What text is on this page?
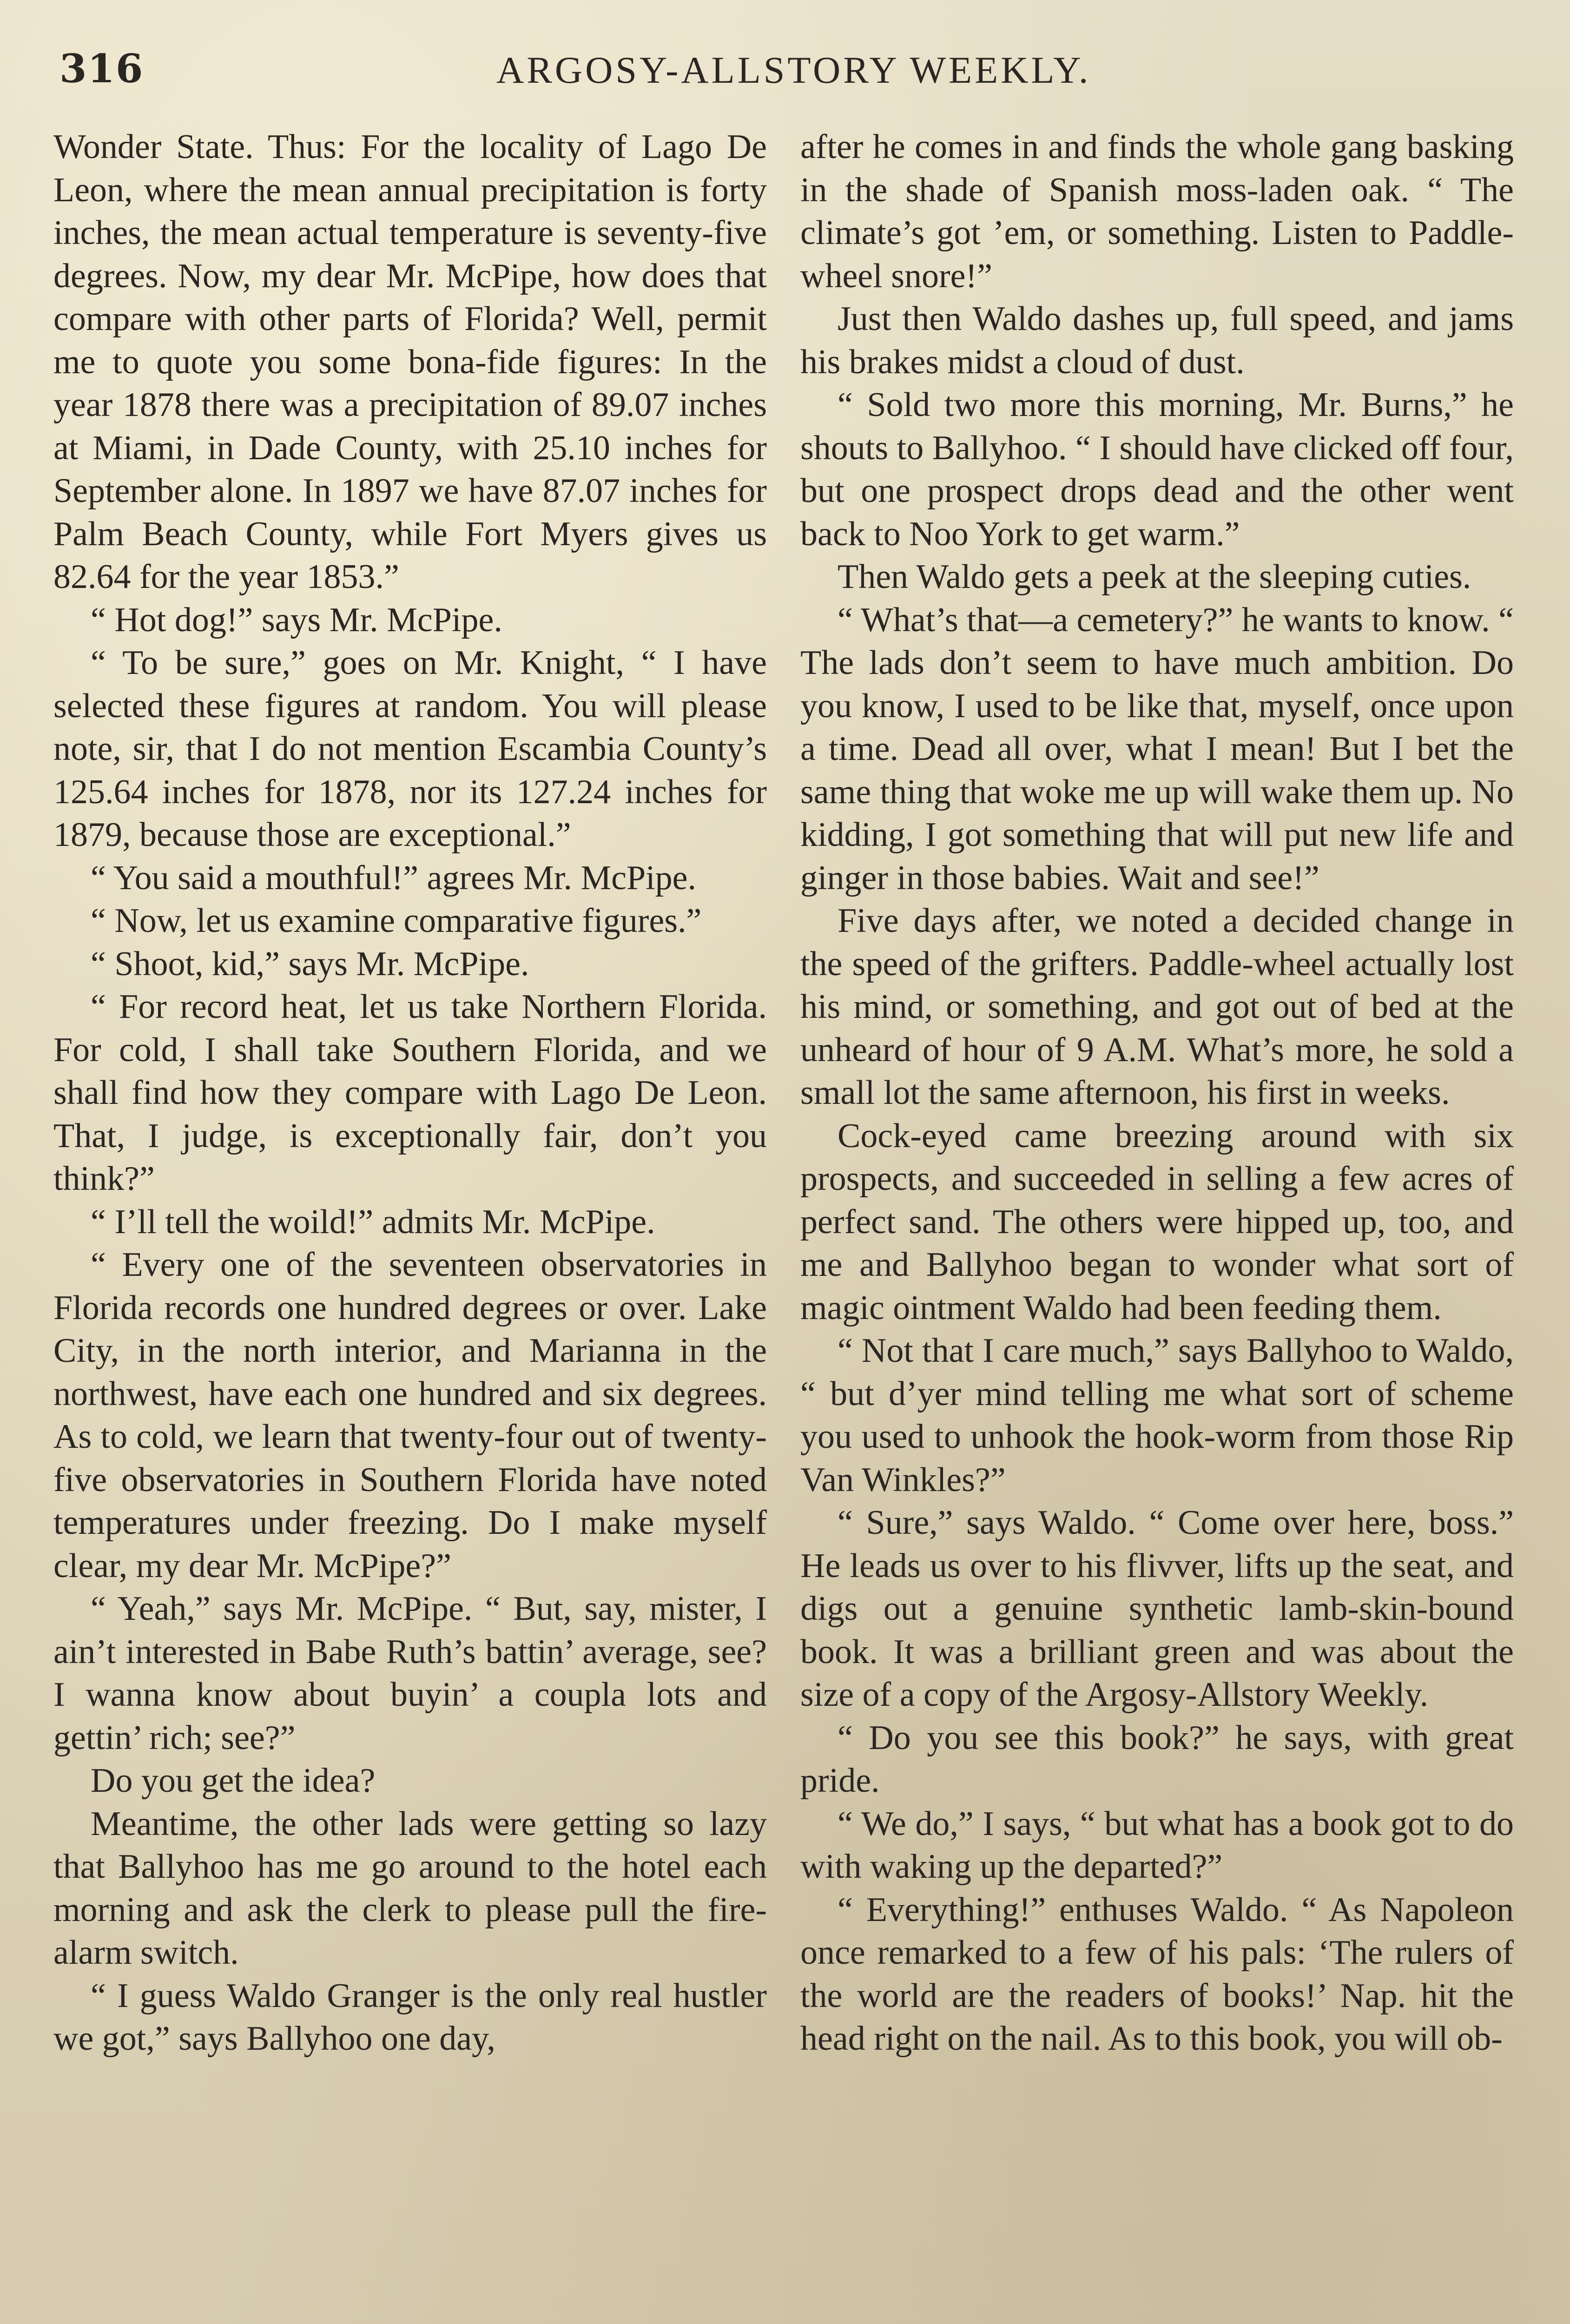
316	ARGOSY-ALLSTORY WEEKLY.

Wonder State. Thus: For the locality of Lago De Leon, where the mean annual precipitation is forty inches, the mean actual temperature is seventy-five degrees. Now, my dear Mr. McPipe, how does that compare with other parts of Florida? Well, permit me to quote you some bona-fide figures: In the year 1878 there was a precipitation of 89.07 inches at Miami, in Dade County, with 25.10 inches for September alone. In 1897 we have 87.07 inches for Palm Beach County, while Fort Myers gives us 82.64 for the year 1853.”

“ Hot dog!” says Mr. McPipe.

“ To be sure,” goes on Mr. Knight, “ I have selected these figures at random. You will please note, sir, that I do not mention Escambia County’s 125.64 inches for 1878, nor its 127.24 inches for 1879, because those are exceptional.”

“ You said a mouthful!” agrees Mr. McPipe.

“ Now, let us examine comparative figures.”

“ Shoot, kid,” says Mr. McPipe.

“ For record heat, let us take Northern Florida. For cold, I shall take Southern Florida, and we shall find how they compare with Lago De Leon. That, I judge, is exceptionally fair, don’t you think?”

“ I’ll tell the woild!” admits Mr. McPipe.

“ Every one of the seventeen observatories in Florida records one hundred degrees or over. Lake City, in the north interior, and Marianna in the northwest, have each one hundred and six degrees. As to cold, we learn that twenty-four out of twenty-five observatories in Southern Florida have noted temperatures under freezing. Do I make myself clear, my dear Mr. McPipe?”

“ Yeah,” says Mr. McPipe. “ But, say, mister, I ain’t interested in Babe Ruth’s battin’ average, see? I wanna know about buyin’ a coupla lots and gettin’ rich; see?”

Do you get the idea?

Meantime, the other lads were getting so lazy that Ballyhoo has me go around to the hotel each morning and ask the clerk to please pull the fire-alarm switch.

“ I guess Waldo Granger is the only real hustler we got,” says Ballyhoo one day,

after he comes in and finds the whole gang basking in the shade of Spanish moss-laden oak. “ The climate’s got ’em, or something. Listen to Paddle-wheel snore!”

Just then Waldo dashes up, full speed, and jams his brakes midst a cloud of dust.

“ Sold two more this morning, Mr. Burns,” he shouts to Ballyhoo. “ I should have clicked off four, but one prospect drops dead and the other went back to Noo York to get warm.”

Then Waldo gets a peek at the sleeping cuties.

“ What’s that—a cemetery?” he wants to know. “ The lads don’t seem to have much ambition. Do you know, I used to be like that, myself, once upon a time. Dead all over, what I mean! But I bet the same thing that woke me up will wake them up. No kidding, I got something that will put new life and ginger in those babies. Wait and see!”

Five days after, we noted a decided change in the speed of the grifters. Paddle-wheel actually lost his mind, or something, and got out of bed at the unheard of hour of 9 A.M. What’s more, he sold a small lot the same afternoon, his first in weeks.

Cock-eyed came breezing around with six prospects, and succeeded in selling a few acres of perfect sand. The others were hipped up, too, and me and Ballyhoo began to wonder what sort of magic ointment Waldo had been feeding them.

“ Not that I care much,” says Ballyhoo to Waldo, “ but d’yer mind telling me what sort of scheme you used to unhook the hook-worm from those Rip Van Winkles?”

“ Sure,” says Waldo. “ Come over here, boss.” He leads us over to his flivver, lifts up the seat, and digs out a genuine synthetic lamb-skin-bound book. It was a brilliant green and was about the size of a copy of the Argosy-Allstory Weekly.

“ Do you see this book?” he says, with great pride.

“ We do,” I says, “ but what has a book got to do with waking up the departed?”

“ Everything!” enthuses Waldo. “ As Napoleon once remarked to a few of his pals: ‘The rulers of the world are the readers of books!’ Nap. hit the head right on the nail. As to this book, you will ob-
